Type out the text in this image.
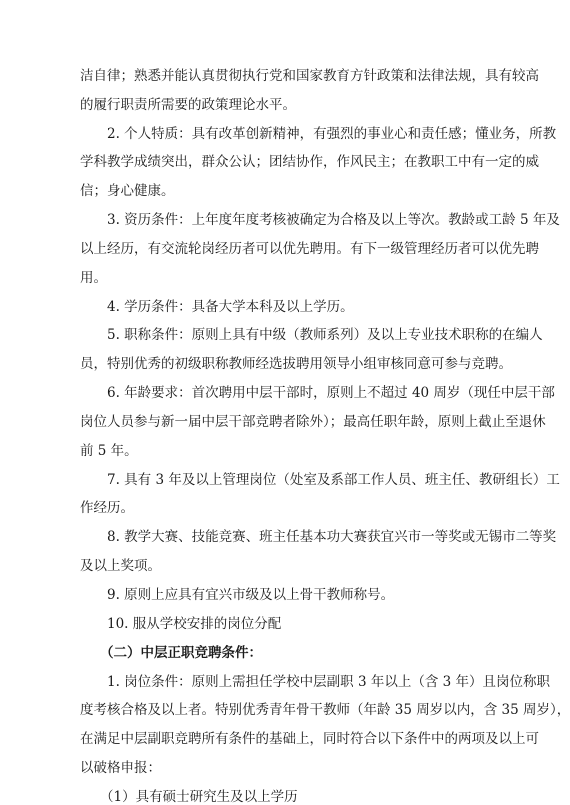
洁自律；熟悉并能认真贯彻执行党和国家教育方针政策和法律法规，具有较高
的履行职责所需要的政策理论水平。
2. 个人特质：具有改革创新精神，有强烈的事业心和责任感；懂业务，所教
学科教学成绩突出，群众公认；团结协作，作风民主；在教职工中有一定的威
信；身心健康。
3. 资历条件：上年度年度考核被确定为合格及以上等次。教龄或工龄 5 年及
以上经历，有交流轮岗经历者可以优先聘用。有下一级管理经历者可以优先聘
用。
4. 学历条件：具备大学本科及以上学历。
5. 职称条件：原则上具有中级（教师系列）及以上专业技术职称的在编人
员，特别优秀的初级职称教师经选拔聘用领导小组审核同意可参与竞聘。
6. 年龄要求：首次聘用中层干部时，原则上不超过 40 周岁（现任中层干部
岗位人员参与新一届中层干部竞聘者除外）；最高任职年龄，原则上截止至退休
前 5 年。
7. 具有 3 年及以上管理岗位（处室及系部工作人员、班主任、教研组长）工
作经历。
8. 教学大赛、技能竞赛、班主任基本功大赛获宜兴市一等奖或无锡市二等奖
及以上奖项。
9. 原则上应具有宜兴市级及以上骨干教师称号。
10. 服从学校安排的岗位分配
（二）中层正职竞聘条件：
1. 岗位条件：原则上需担任学校中层副职 3 年以上（含 3 年）且岗位称职
度考核合格及以上者。特别优秀青年骨干教师（年龄 35 周岁以内，含 35 周岁），
在满足中层副职竞聘所有条件的基础上，同时符合以下条件中的两项及以上可
以破格申报：
（1）具有硕士研究生及以上学历
